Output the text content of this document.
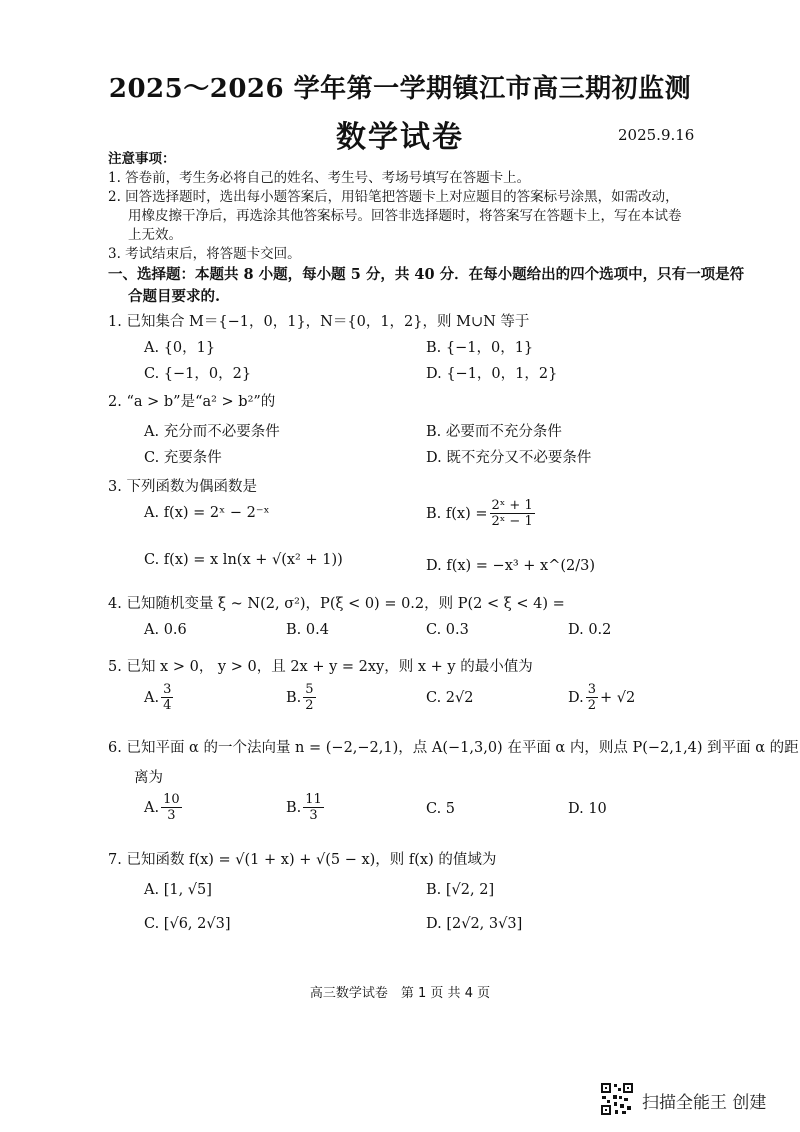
2025～2026 学年第一学期镇江市高三期初监测
数学试卷	2025.9.16
注意事项：
1. 答卷前，考生务必将自己的姓名、考生号、考场号填写在答题卡上。
2. 回答选择题时，选出每小题答案后，用铅笔把答题卡上对应题目的答案标号涂黑，如需改动，
用橡皮擦干净后，再选涂其他答案标号。回答非选择题时，将答案写在答题卡上，写在本试卷
上无效。
3. 考试结束后，将答题卡交回。
一、选择题：本题共 8 小题，每小题 5 分，共 40 分．在每小题给出的四个选项中，只有一项是符
合题目要求的.
1. 已知集合 M＝{−1，0，1}，N＝{0，1，2}，则 M∪N 等于
A. {0，1}	B. {−1，0，1}
C. {−1，0，2}	D. {−1，0，1，2}
2. “a > b”是“a² > b²”的
A. 充分而不必要条件	B. 必要而不充分条件
C. 充要条件	D. 既不充分又不必要条件
3. 下列函数为偶函数是
A. f(x) = 2ˣ − 2⁻ˣ	B. $f(x) = \frac{\text{2ˣ + 1}}{\text{2ˣ − 1}}$
C. f(x) = x ln(x + √(x² + 1))	D. f(x) = −x³ + x^(2/3)
4. 已知随机变量 ξ ~ N(2, σ²)，P(ξ < 0) = 0.2，则 P(2 < ξ < 4) =
A. 0.6	B. 0.4	C. 0.3	D. 0.2
5. 已知 x > 0， y > 0，且 2x + y = 2xy，则 x + y 的最小值为
A. $\frac{3}{4}$	B. $\frac{5}{2}$	C. 2√2	D. $\frac{3}{2} + √2$
6. 已知平面 α 的一个法向量 n = (−2,−2,1)，点 A(−1,3,0) 在平面 α 内，则点 P(−2,1,4) 到平面 α 的距
离为
A. $\frac{10}{3}$	B. $\frac{11}{3}$	C. 5	D. 10
7. 已知函数 f(x) = √(1 + x) + √(5 − x)，则 f(x) 的值域为
A. [1, √5]	B. [√2, 2]
C. [√6, 2√3]	D. [2√2, 3√3]
高三数学试卷　第 1 页 共 4 页
扫描全能王 创建
